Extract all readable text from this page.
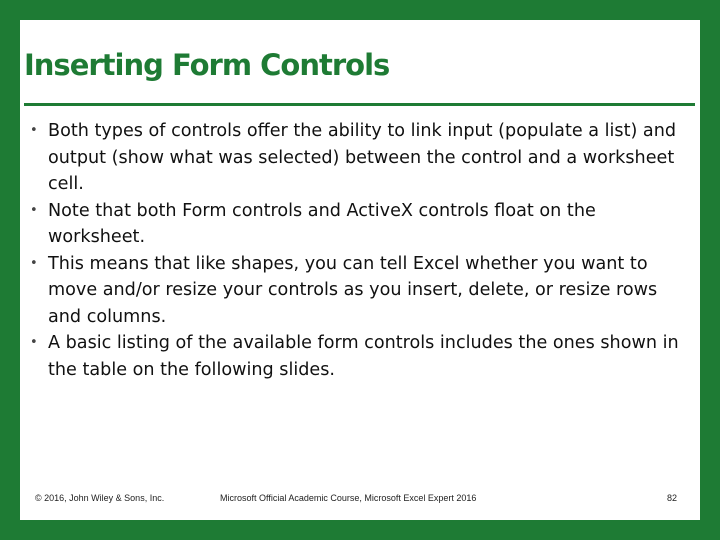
Inserting Form Controls
• Both types of controls offer the ability to link input (populate a list) and output (show what was selected) between the control and a worksheet cell.
• Note that both Form controls and ActiveX controls float on the worksheet.
• This means that like shapes, you can tell Excel whether you want to move and/or resize your controls as you insert, delete, or resize rows and columns.
• A basic listing of the available form controls includes the ones shown in the table on the following slides.
© 2016, John Wiley & Sons, Inc.	Microsoft Official Academic Course, Microsoft Excel Expert 2016	82
